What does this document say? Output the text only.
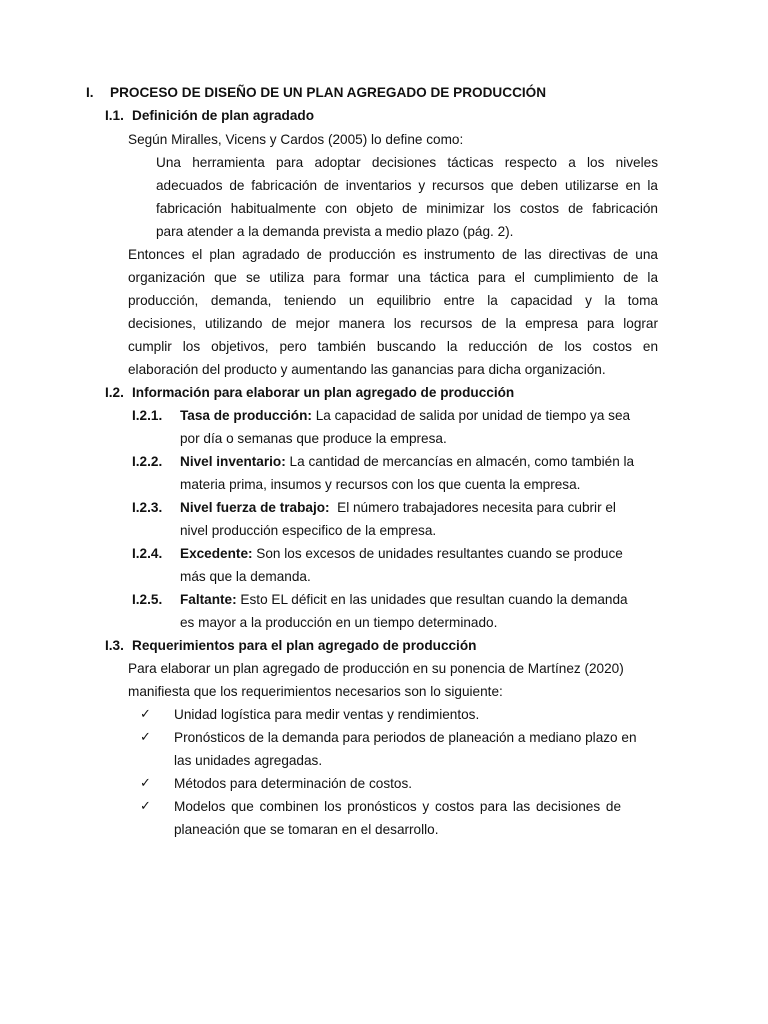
I. PROCESO DE DISEÑO DE UN PLAN AGREGADO DE PRODUCCIÓN
I.1. Definición de plan agradado
Según Miralles, Vicens y Cardos (2005) lo define como:
Una herramienta para adoptar decisiones tácticas respecto a los niveles
adecuados de fabricación de inventarios y recursos que deben utilizarse en la
fabricación habitualmente con objeto de minimizar los costos de fabricación
para atender a la demanda prevista a medio plazo (pág. 2).
Entonces el plan agradado de producción es instrumento de las directivas de una
organización que se utiliza para formar una táctica para el cumplimiento de la
producción, demanda, teniendo un equilibrio entre la capacidad y la toma
decisiones, utilizando de mejor manera los recursos de la empresa para lograr
cumplir los objetivos, pero también buscando la reducción de los costos en
elaboración del producto y aumentando las ganancias para dicha organización.
I.2. Información para elaborar un plan agregado de producción
I.2.1. Tasa de producción: La capacidad de salida por unidad de tiempo ya sea
por día o semanas que produce la empresa.
I.2.2. Nivel inventario: La cantidad de mercancías en almacén, como también la
materia prima, insumos y recursos con los que cuenta la empresa.
I.2.3. Nivel fuerza de trabajo:  El número trabajadores necesita para cubrir el
nivel producción especifico de la empresa.
I.2.4. Excedente: Son los excesos de unidades resultantes cuando se produce
más que la demanda.
I.2.5. Faltante: Esto EL déficit en las unidades que resultan cuando la demanda
es mayor a la producción en un tiempo determinado.
I.3. Requerimientos para el plan agregado de producción
Para elaborar un plan agregado de producción en su ponencia de Martínez (2020)
manifiesta que los requerimientos necesarios son lo siguiente:
✓ Unidad logística para medir ventas y rendimientos.
✓ Pronósticos de la demanda para periodos de planeación a mediano plazo en
las unidades agregadas.
✓ Métodos para determinación de costos.
✓ Modelos que combinen los pronósticos y costos para las decisiones de
planeación que se tomaran en el desarrollo.
